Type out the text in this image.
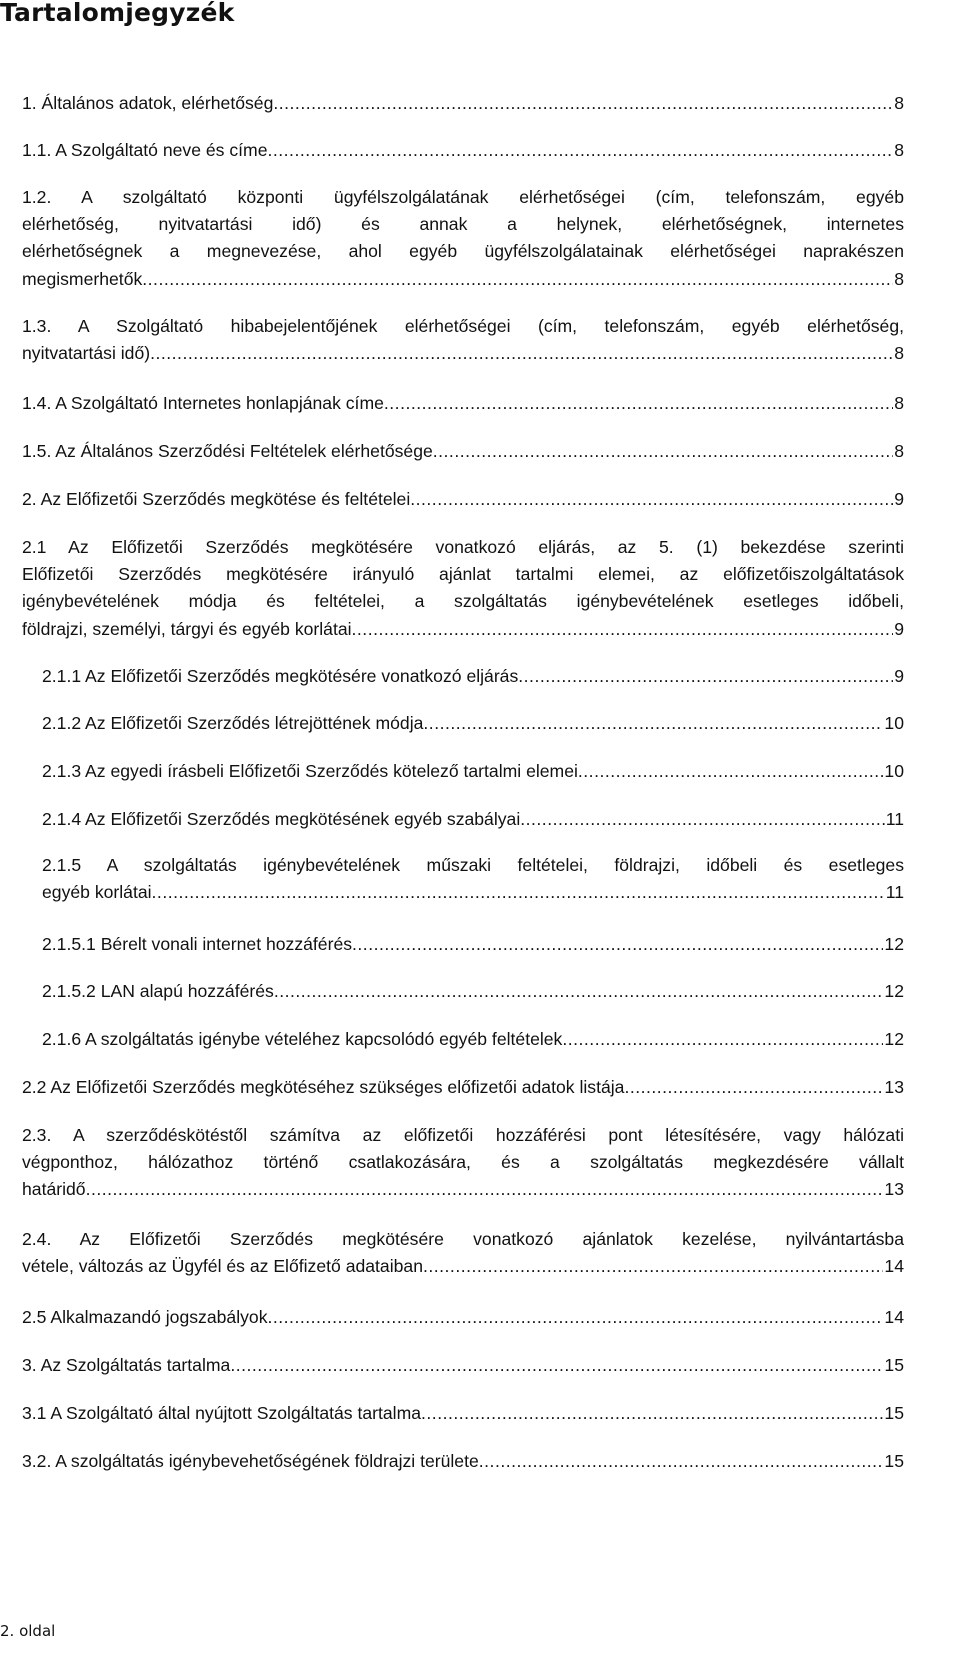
Tartalomjegyzék
1. Általános adatok, elérhetőség .....	8
1.1. A Szolgáltató neve és címe .....	8
1.2. A szolgáltató központi ügyfélszolgálatának elérhetőségei (cím, telefonszám, egyéb
elérhetőség, nyitvatartási idő) és annak a helynek, elérhetőségnek, internetes
elérhetőségnek a megnevezése, ahol egyéb ügyfélszolgálatainak elérhetőségei naprakészen
megismerhetők .....	8
1.3. A Szolgáltató hibabejelentőjének elérhetőségei (cím, telefonszám, egyéb elérhetőség,
nyitvatartási idő) .....	8
1.4. A Szolgáltató Internetes honlapjának címe .....	8
1.5. Az Általános Szerződési Feltételek elérhetősége .....	8
2. Az Előfizetői Szerződés megkötése és feltételei .....	9
2.1 Az Előfizetői Szerződés megkötésére vonatkozó eljárás, az 5. (1) bekezdése szerinti
Előfizetői Szerződés megkötésére irányuló ajánlat tartalmi elemei, az előfizetőiszolgáltatások
igénybevételének módja és feltételei, a szolgáltatás igénybevételének esetleges időbeli,
földrajzi, személyi, tárgyi és egyéb korlátai .....	9
2.1.1 Az Előfizetői Szerződés megkötésére vonatkozó eljárás .....	9
2.1.2 Az Előfizetői Szerződés létrejöttének módja .....	10
2.1.3 Az egyedi írásbeli Előfizetői Szerződés kötelező tartalmi elemei .....	10
2.1.4 Az Előfizetői Szerződés megkötésének egyéb szabályai .....	11
2.1.5 A szolgáltatás igénybevételének műszaki feltételei, földrajzi, időbeli és esetleges
egyéb korlátai .....	11
2.1.5.1 Bérelt vonali internet hozzáférés .....	12
2.1.5.2 LAN alapú hozzáférés .....	12
2.1.6 A szolgáltatás igénybe vételéhez kapcsolódó egyéb feltételek .....	12
2.2 Az Előfizetői Szerződés megkötéséhez szükséges előfizetői adatok listája .....	13
2.3. A szerződéskötéstől számítva az előfizetői hozzáférési pont létesítésére, vagy hálózati
végponthoz, hálózathoz történő csatlakozására, és a szolgáltatás megkezdésére vállalt
határidő .....	13
2.4. Az Előfizetői Szerződés megkötésére vonatkozó ajánlatok kezelése, nyilvántartásba
vétele, változás az Ügyfél és az Előfizető adataiban .....	14
2.5 Alkalmazandó jogszabályok .....	14
3. Az Szolgáltatás tartalma .....	15
3.1 A Szolgáltató által nyújtott Szolgáltatás tartalma .....	15
3.2. A szolgáltatás igénybevehetőségének földrajzi területe .....	15
2. oldal
